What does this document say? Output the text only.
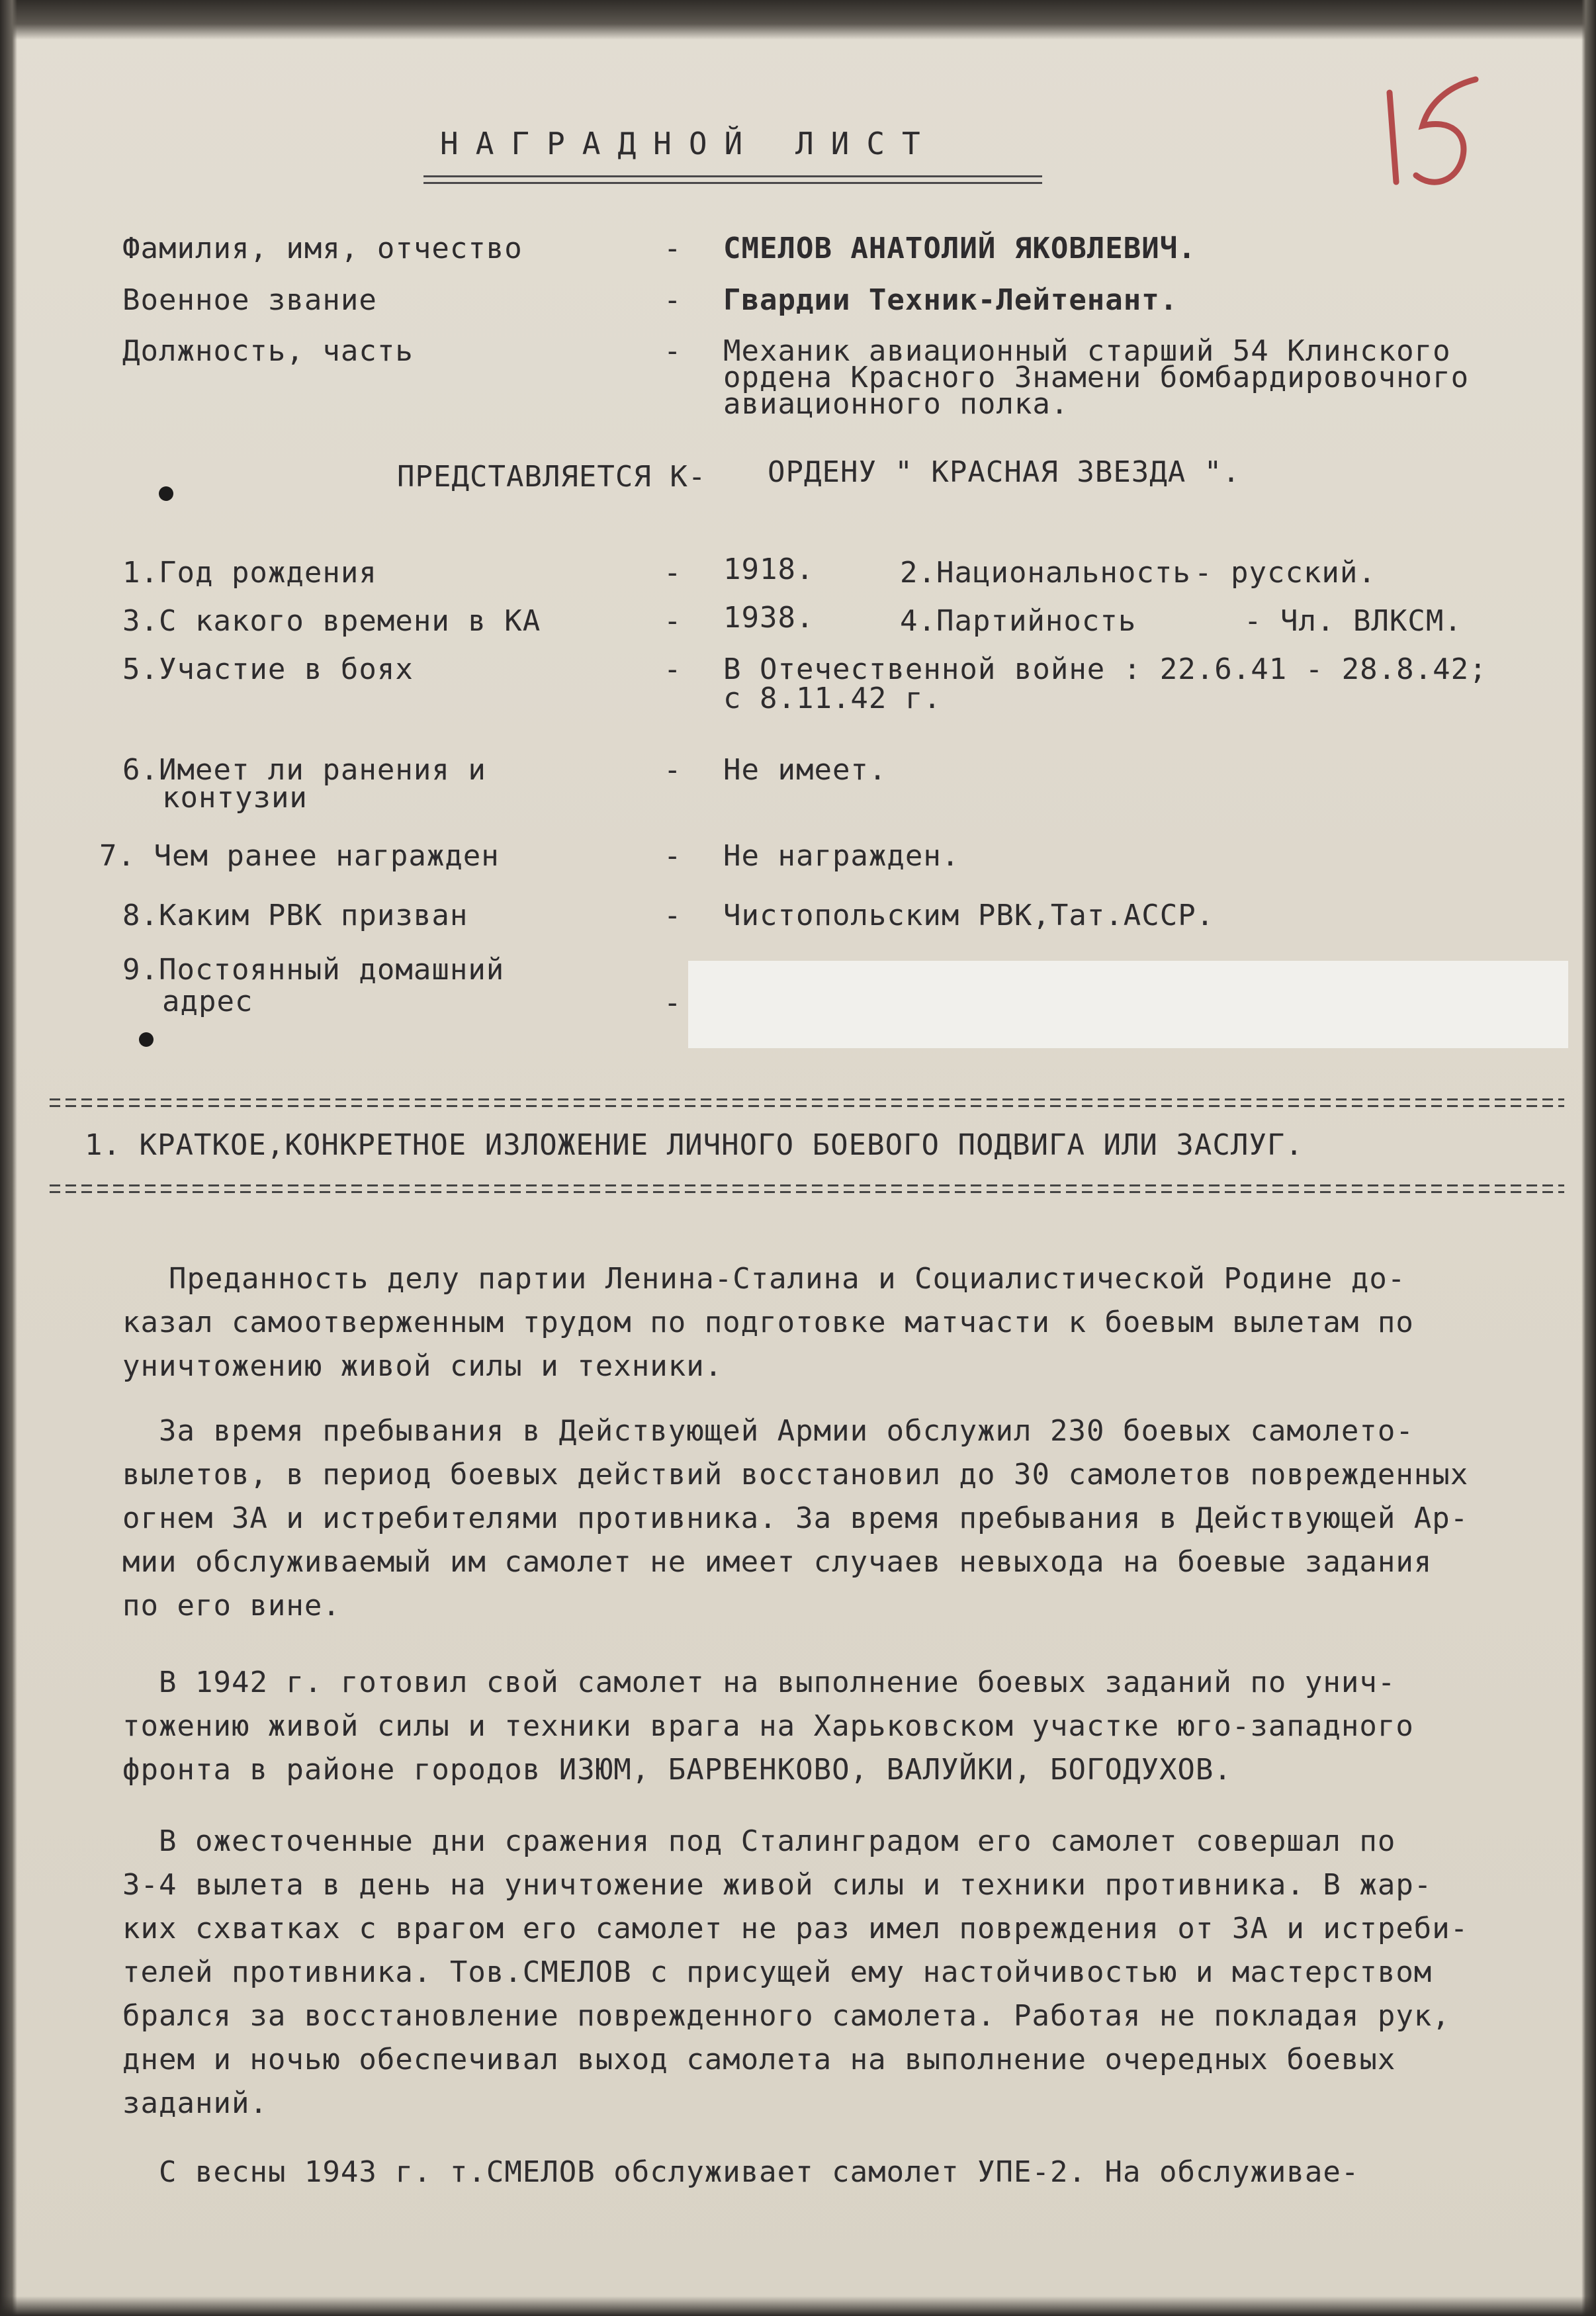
НАГРАДНОЙ ЛИСТ
Фамилия, имя, отчество	- СМЕЛОВ АНАТОЛИЙ ЯКОВЛЕВИЧ.
Военное звание	- Гвардии Техник-Лейтенант.
Должность, часть	- Механик авиационный старший 54 Клинского
ордена Красного Знамени бомбардировочного
авиационного полка.
ПРЕДСТАВЛЯЕТСЯ К- ОРДЕНУ " КРАСНАЯ ЗВЕЗДА ".
1.Год рождения	- 1918.	2.Национальность - русский.
3.С какого времени в КА	- 1938.	4.Партийность	- Чл. ВЛКСМ.
5.Участие в боях	- В Отечественной войне : 22.6.41 - 28.8.42;
с 8.11.42 г.
6.Имеет ли ранения и
контузии
- Не имеет.
7. Чем ранее награжден	- Не награжден.
8.Каким РВК призван	- Чистопольским РВК,Тат.АССР.
9.Постоянный домашний
адрес	-
1. КРАТКОЕ,КОНКРЕТНОЕ ИЗЛОЖЕНИЕ ЛИЧНОГО БОЕВОГО ПОДВИГА ИЛИ ЗАСЛУГ.
Преданность делу партии Ленина-Сталина и Социалистической Родине до-
казал самоотверженным трудом по подготовке матчасти к боевым вылетам по
уничтожению живой силы и техники.
За время пребывания в Действующей Армии обслужил 230 боевых самолето-
вылетов, в период боевых действий восстановил до 30 самолетов поврежденных
огнем ЗА и истребителями противника. За время пребывания в Действующей Ар-
мии обслуживаемый им самолет не имеет случаев невыхода на боевые задания
по его вине.
В 1942 г. готовил свой самолет на выполнение боевых заданий по унич-
тожению живой силы и техники врага на Харьковском участке юго-западного
фронта в районе городов ИЗЮМ, БАРВЕНКОВО, ВАЛУЙКИ, БОГОДУХОВ.
В ожесточенные дни сражения под Сталинградом его самолет совершал по
3-4 вылета в день на уничтожение живой силы и техники противника. В жар-
ких схватках с врагом его самолет не раз имел повреждения от ЗА и истреби-
телей противника. Тов.СМЕЛОВ с присущей ему настойчивостью и мастерством
брался за восстановление поврежденного самолета. Работая не покладая рук,
днем и ночью обеспечивал выход самолета на выполнение очередных боевых
заданий.
С весны 1943 г. т.СМЕЛОВ обслуживает самолет УПЕ-2. На обслуживае-
